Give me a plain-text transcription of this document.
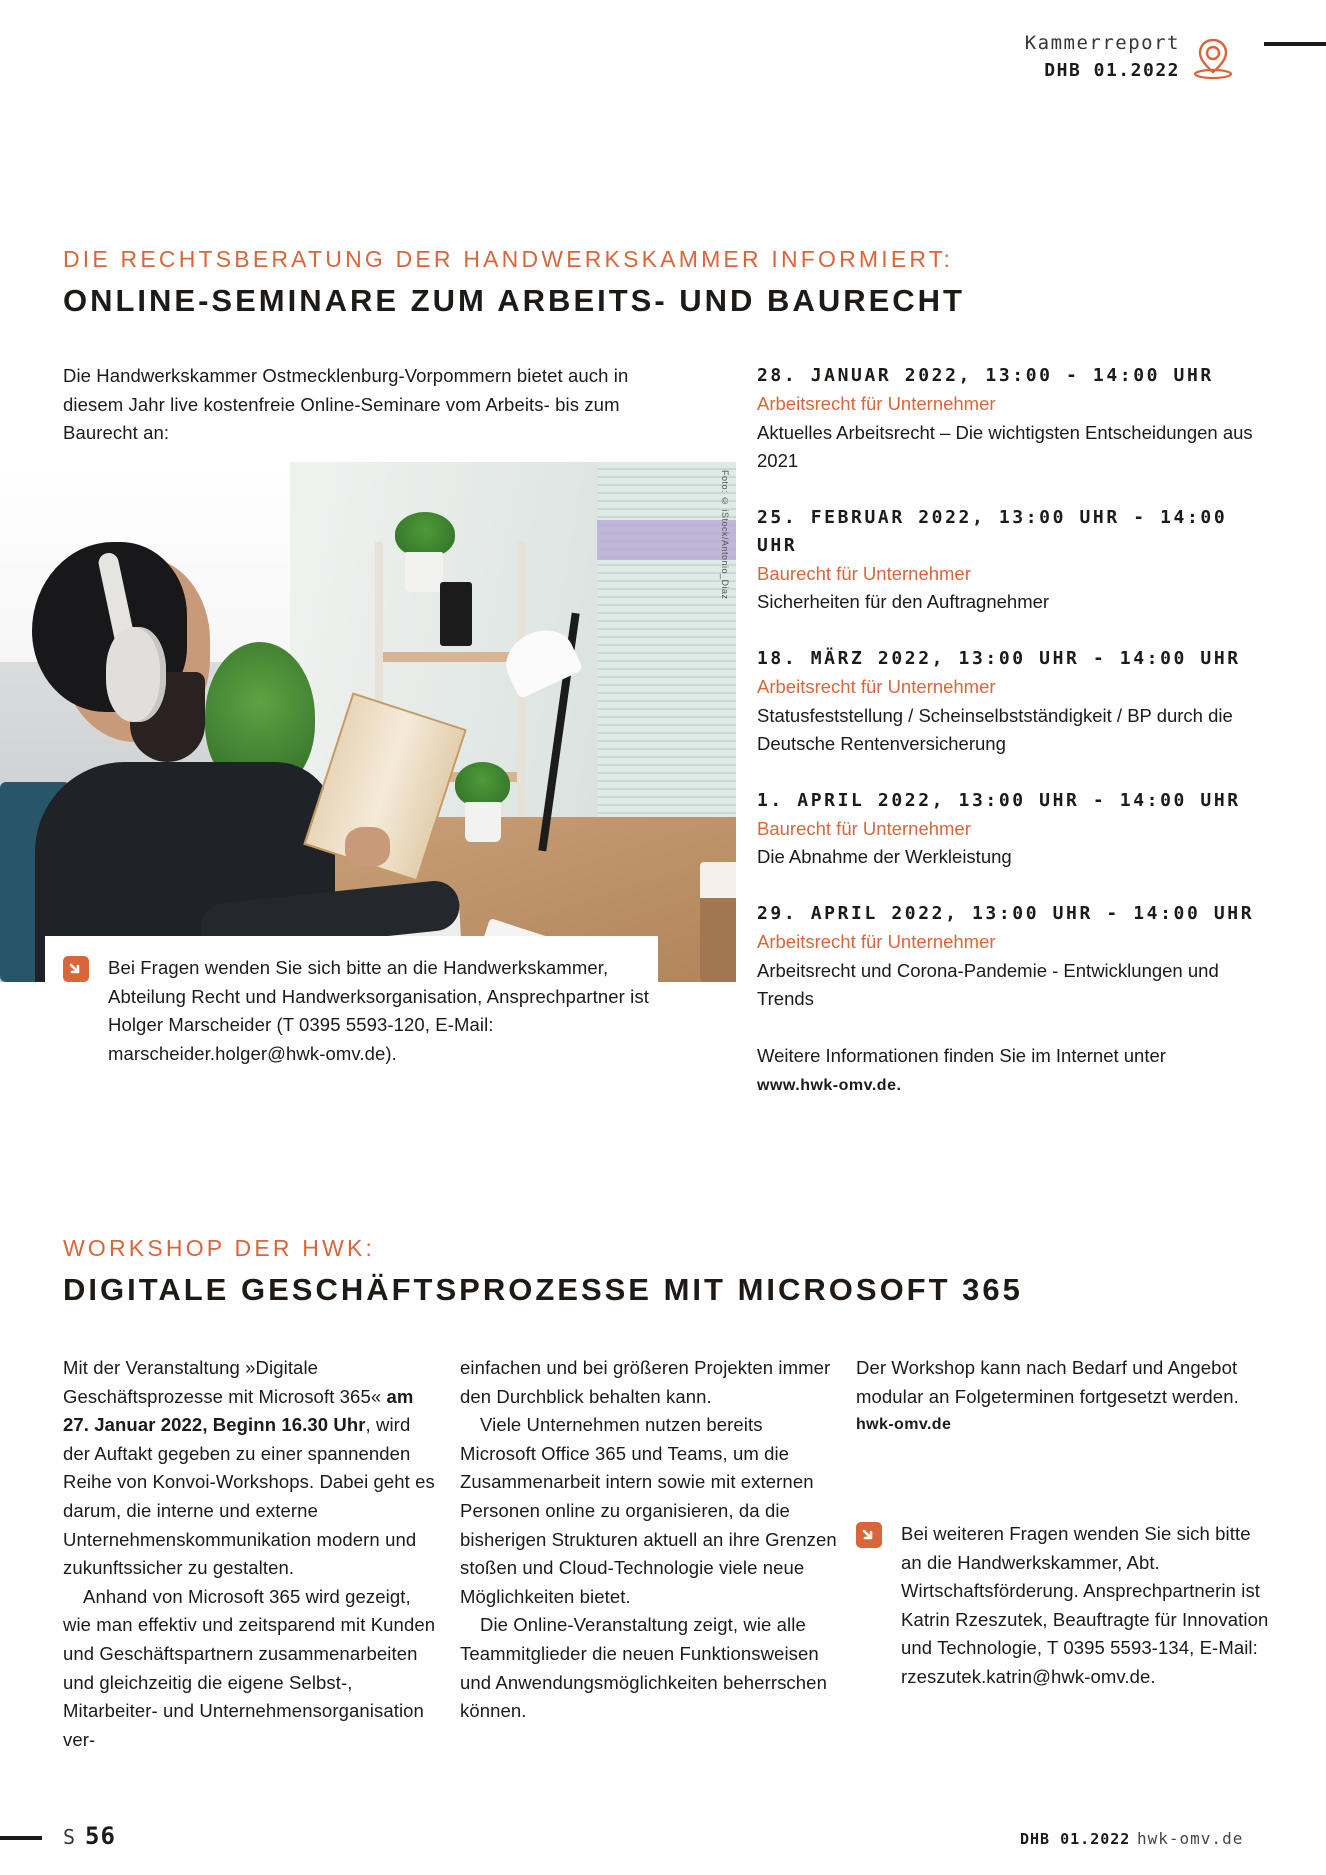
Kammerreport
DHB 01.2022
DIE RECHTSBERATUNG DER HANDWERKSKAMMER INFORMIERT:
ONLINE-SEMINARE ZUM ARBEITS- UND BAURECHT

Die Handwerkskammer Ostmecklenburg-Vorpommern bietet auch in diesem Jahr live kostenfreie Online-Seminare vom Arbeits- bis zum Baurecht an:

Foto: © iStock/Antonio_Diaz
Bei Fragen wenden Sie sich bitte an die Handwerkskammer, Abteilung Recht und Handwerksorganisation, Ansprechpartner ist Holger Marscheider (T 0395 5593-120, E-Mail: marscheider.holger@hwk-omv.de).
28. JANUAR 2022, 13:00 - 14:00 UHR
Arbeitsrecht für Unternehmer
Aktuelles Arbeitsrecht – Die wichtigsten Entscheidungen aus 2021
25. FEBRUAR 2022, 13:00 UHR - 14:00 UHR
Baurecht für Unternehmer
Sicherheiten für den Auftragnehmer
18. MÄRZ 2022, 13:00 UHR - 14:00 UHR
Arbeitsrecht für Unternehmer
Statusfeststellung / Scheinselbstständigkeit / BP durch die Deutsche Rentenversicherung
1. APRIL 2022, 13:00 UHR - 14:00 UHR
Baurecht für Unternehmer
Die Abnahme der Werkleistung
29. APRIL 2022, 13:00 UHR - 14:00 UHR
Arbeitsrecht für Unternehmer
Arbeitsrecht und Corona-Pandemie - Entwicklungen und Trends
Weitere Informationen finden Sie im Internet unter
www.hwk-omv.de.
WORKSHOP DER HWK:
DIGITALE GESCHÄFTSPROZESSE MIT MICROSOFT 365

Mit der Veranstaltung »Digitale Geschäftsprozesse mit Microsoft 365« am 27. Januar 2022, Beginn 16.30 Uhr, wird der Auftakt gegeben zu einer spannenden Reihe von Konvoi-Workshops. Dabei geht es darum, die interne und externe Unternehmenskommunikation modern und zukunftssicher zu gestalten.

Anhand von Microsoft 365 wird gezeigt, wie man effektiv und zeitsparend mit Kunden und Geschäftspartnern zusammenarbeiten und gleichzeitig die eigene Selbst-, Mitarbeiter- und Unternehmensorganisation ver-

einfachen und bei größeren Projekten immer den Durchblick behalten kann.

Viele Unternehmen nutzen bereits Microsoft Office 365 und Teams, um die Zusammenarbeit intern sowie mit externen Personen online zu organisieren, da die bisherigen Strukturen aktuell an ihre Grenzen stoßen und Cloud-Technologie viele neue Möglichkeiten bietet.

Die Online-Veranstaltung zeigt, wie alle Teammitglieder die neuen Funktionsweisen und Anwendungsmöglichkeiten beherrschen können.

Der Workshop kann nach Bedarf und Angebot modular an Folgeterminen fortgesetzt werden.

hwk-omv.de
Bei weiteren Fragen wenden Sie sich bitte an die Handwerkskammer, Abt. Wirtschaftsförderung. Ansprechpartnerin ist Katrin Rzeszutek, Beauftragte für Innovation und Technologie, T 0395 5593-134, E-Mail: rzeszutek.katrin@hwk-omv.de.
S 56	DHB 01.2022 hwk-omv.de
